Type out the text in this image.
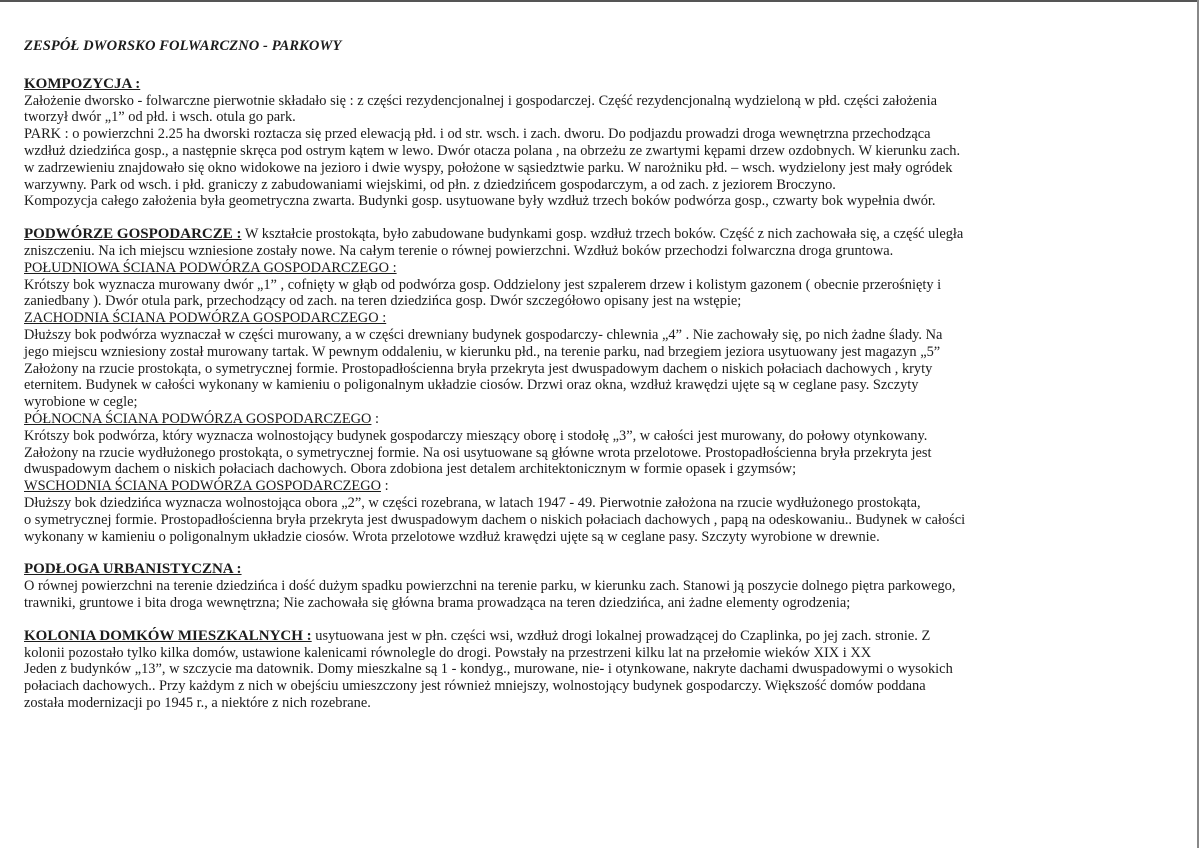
ZESPÓŁ DWORSKO FOLWARCZNO - PARKOWY
KOMPOZYCJA :
Założenie dworsko - folwarczne pierwotnie składało się : z części rezydencjonalnej i gospodarczej. Część rezydencjonalną wydzieloną w płd. części założenia
tworzył dwór „1” od płd. i wsch. otula go park.
PARK : o powierzchni 2.25 ha dworski roztacza się przed elewacją płd. i od str. wsch. i zach. dworu. Do podjazdu prowadzi droga wewnętrzna przechodząca
wzdłuż dziedzińca gosp., a następnie skręca pod ostrym kątem w lewo. Dwór otacza polana , na obrzeżu ze zwartymi kępami drzew ozdobnych. W kierunku zach.
w zadrzewieniu znajdowało się okno widokowe na jezioro i dwie wyspy, położone w sąsiedztwie parku. W narożniku płd. – wsch. wydzielony jest mały ogródek
warzywny. Park od wsch. i płd. graniczy z zabudowaniami wiejskimi, od płn. z dziedzińcem gospodarczym, a od zach. z jeziorem Broczyno.
Kompozycja całego założenia była geometryczna zwarta. Budynki gosp. usytuowane były wzdłuż trzech boków podwórza gosp., czwarty bok wypełnia dwór.
PODWÓRZE GOSPODARCZE : W kształcie prostokąta, było zabudowane budynkami gosp. wzdłuż trzech boków. Część z nich zachowała się, a część uległa
zniszczeniu. Na ich miejscu wzniesione zostały nowe. Na całym terenie o równej powierzchni. Wzdłuż boków przechodzi folwarczna droga gruntowa.
POŁUDNIOWA ŚCIANA PODWÓRZA GOSPODARCZEGO :
Krótszy bok wyznacza murowany dwór „1” , cofnięty w głąb od podwórza gosp. Oddzielony jest szpalerem drzew i kolistym gazonem ( obecnie przerośnięty i
zaniedbany ). Dwór otula park, przechodzący od zach. na teren dziedzińca gosp. Dwór szczegółowo opisany jest na wstępie;
ZACHODNIA ŚCIANA PODWÓRZA GOSPODARCZEGO :
Dłuższy bok podwórza wyznaczał w części murowany, a w części drewniany budynek gospodarczy- chlewnia „4” . Nie zachowały się, po nich żadne ślady. Na
jego miejscu wzniesiony został murowany tartak. W pewnym oddaleniu, w kierunku płd., na terenie parku, nad brzegiem jeziora usytuowany jest magazyn „5”
Założony na rzucie prostokąta, o symetrycznej formie. Prostopadłościenna bryła przekryta jest dwuspadowym dachem o niskich połaciach dachowych , kryty
eternitem. Budynek w całości wykonany w kamieniu o poligonalnym układzie ciosów. Drzwi oraz okna, wzdłuż krawędzi ujęte są w ceglane pasy. Szczyty
wyrobione w cegle;
PÓŁNOCNA ŚCIANA PODWÓRZA GOSPODARCZEGO :
Krótszy bok podwórza, który wyznacza wolnostojący budynek gospodarczy mieszący oborę i stodołę „3”, w całości jest murowany, do połowy otynkowany.
Założony na rzucie wydłużonego prostokąta, o symetrycznej formie. Na osi usytuowane są główne wrota przelotowe. Prostopadłościenna bryła przekryta jest
dwuspadowym dachem o niskich połaciach dachowych. Obora zdobiona jest detalem architektonicznym w formie opasek i gzymsów;
WSCHODNIA ŚCIANA PODWÓRZA GOSPODARCZEGO :
Dłuższy bok dziedzińca wyznacza wolnostojąca obora „2”, w części rozebrana, w latach 1947 - 49. Pierwotnie założona na rzucie wydłużonego prostokąta,
o symetrycznej formie. Prostopadłościenna bryła przekryta jest dwuspadowym dachem o niskich połaciach dachowych , papą na odeskowaniu.. Budynek w całości
wykonany w kamieniu o poligonalnym układzie ciosów. Wrota przelotowe wzdłuż krawędzi ujęte są w ceglane pasy. Szczyty wyrobione w drewnie.
PODŁOGA URBANISTYCZNA :
O równej powierzchni na terenie dziedzińca i dość dużym spadku powierzchni na terenie parku, w kierunku zach. Stanowi ją poszycie dolnego piętra parkowego,
trawniki, gruntowe i bita droga wewnętrzna; Nie zachowała się główna brama prowadząca na teren dziedzińca, ani żadne elementy ogrodzenia;
KOLONIA DOMKÓW MIESZKALNYCH : usytuowana jest w płn. części wsi, wzdłuż drogi lokalnej prowadzącej do Czaplinka, po jej zach. stronie. Z
kolonii pozostało tylko kilka domów, ustawione kalenicami równolegle do drogi. Powstały na przestrzeni kilku lat na przełomie wieków XIX i XX
Jeden z budynków „13”, w szczycie ma datownik. Domy mieszkalne są 1 - kondyg., murowane, nie- i otynkowane, nakryte dachami dwuspadowymi o wysokich
połaciach dachowych.. Przy każdym z nich w obejściu umieszczony jest również mniejszy, wolnostojący budynek gospodarczy. Większość domów poddana
została modernizacji po 1945 r., a niektóre z nich rozebrane.
